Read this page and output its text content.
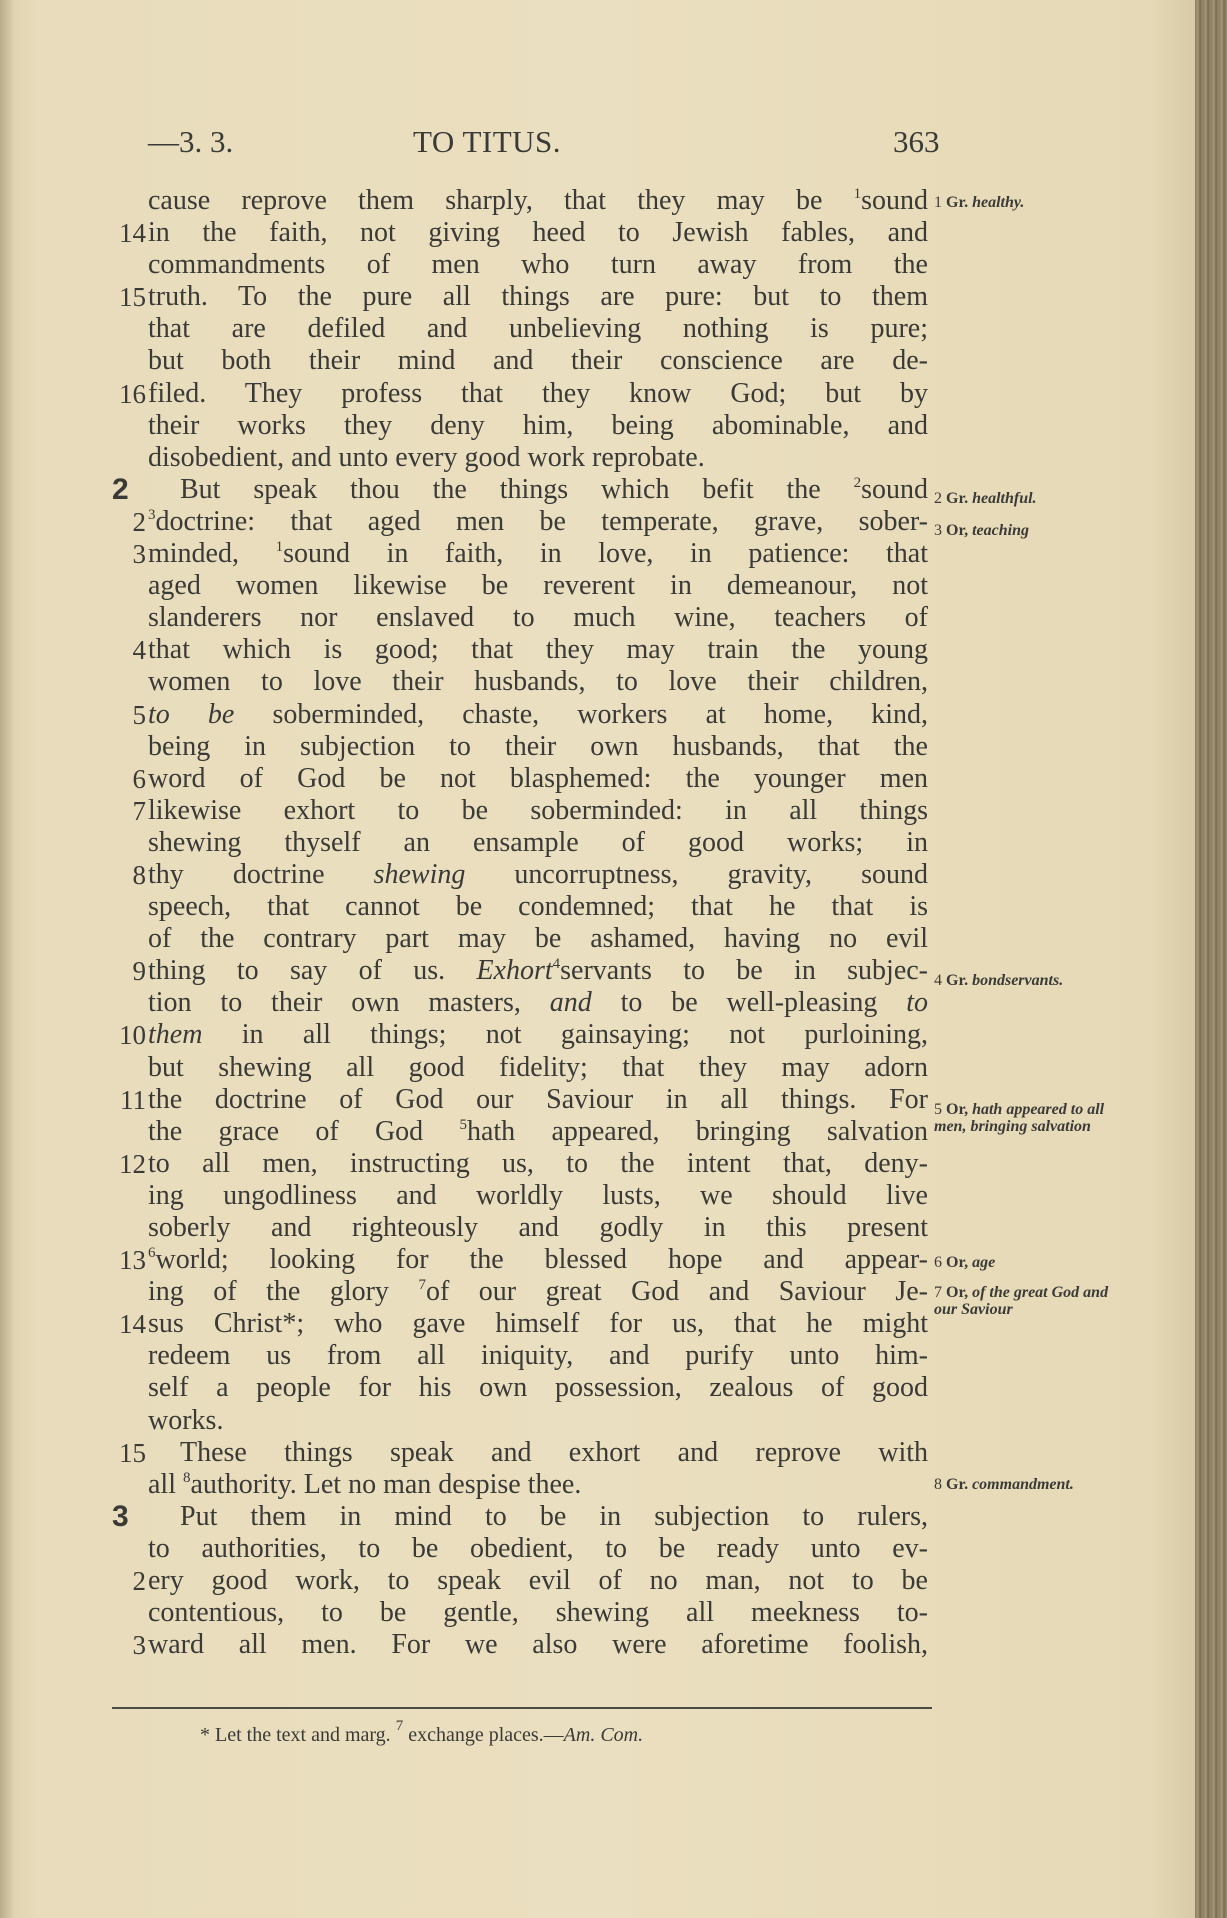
—3. 3.	TO TITUS.	363
cause reprove them sharply, that they may be $^1$sound
14 in the faith, not giving heed to Jewish fables, and
commandments of men who turn away from the
15 truth. To the pure all things are pure: but to them
that are defiled and unbelieving nothing is pure;
but both their mind and their conscience are de-
16 filed. They profess that they know God; but by
their works they deny him, being abominable, and
disobedient, and unto every good work reprobate.
2	But speak thou the things which befit the $^2$sound
2 $^3$doctrine: that aged men be temperate, grave, sober-
3 minded, $^1$sound in faith, in love, in patience: that
aged women likewise be reverent in demeanour, not
slanderers nor enslaved to much wine, teachers of
4 that which is good; that they may train the young
women to love their husbands, to love their children,
5 to be soberminded, chaste, workers at home, kind,
being in subjection to their own husbands, that the
6 word of God be not blasphemed: the younger men
7 likewise exhort to be soberminded: in all things
shewing thyself an ensample of good works; in
8 thy doctrine shewing uncorruptness, gravity, sound
speech, that cannot be condemned; that he that is
of the contrary part may be ashamed, having no evil
9 thing to say of us. Exhort$^4$servants to be in subjec-
tion to their own masters, and to be well-pleasing to
10 them in all things; not gainsaying; not purloining,
but shewing all good fidelity; that they may adorn
11 the doctrine of God our Saviour in all things. For
the grace of God $^5$hath appeared, bringing salvation
12 to all men, instructing us, to the intent that, deny-
ing ungodliness and worldly lusts, we should live
soberly and righteously and godly in this present
13 $^6$world; looking for the blessed hope and appear-
ing of the glory $^7$of our great God and Saviour Je-
14 sus Christ*; who gave himself for us, that he might
redeem us from all iniquity, and purify unto him-
self a people for his own possession, zealous of good
works.
15 These things speak and exhort and reprove with
all $^8$authority. Let no man despise thee.
3	Put them in mind to be in subjection to rulers,
to authorities, to be obedient, to be ready unto ev-
2 ery good work, to speak evil of no man, not to be
contentious, to be gentle, shewing all meekness to-
3 ward all men. For we also were aforetime foolish,
1 Gr. healthy.
2 Gr. healthful.
3 Or, teaching
4 Gr. bondservants.
5 Or, hath appeared to all men, bringing salvation
6 Or, age
7 Or, of the great God and our Saviour
8 Gr. commandment.
* Let the text and marg. $^7$ exchange places.—Am. Com.
